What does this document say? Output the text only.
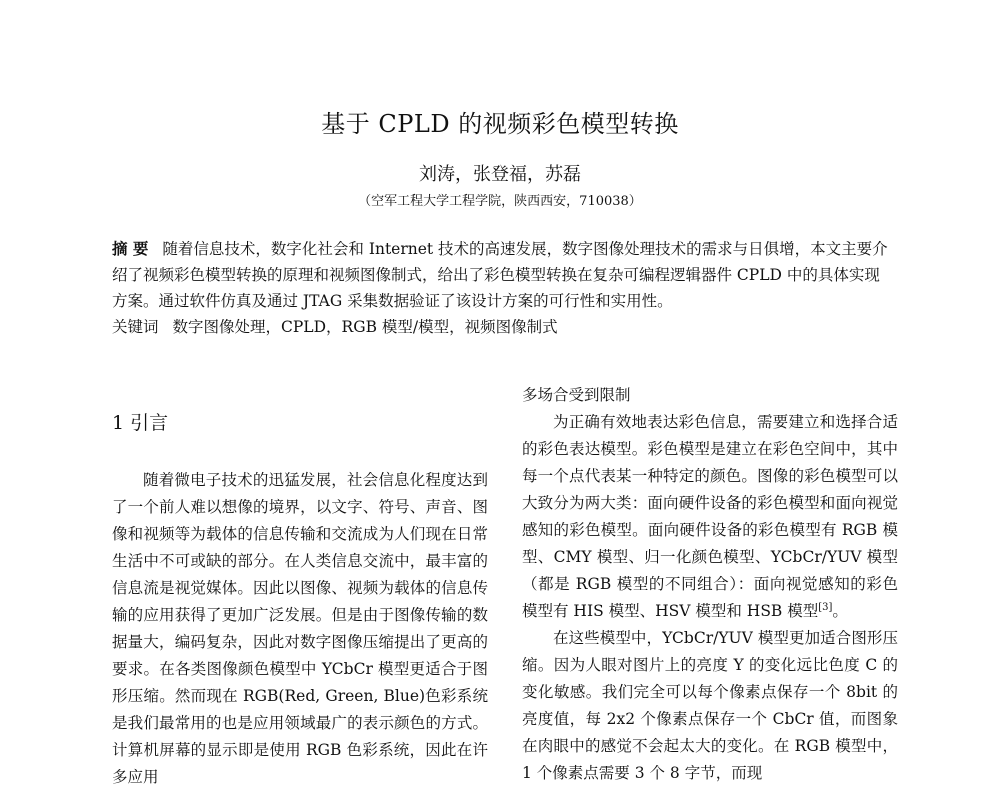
基于 CPLD 的视频彩色模型转换
刘涛，张登福，苏磊
（空军工程大学工程学院，陕西西安，710038）

摘 要 随着信息技术，数字化社会和 Internet 技术的高速发展，数字图像处理技术的需求与日俱增，本文主要介绍了视频彩色模型转换的原理和视频图像制式，给出了彩色模型转换在复杂可编程逻辑器件 CPLD 中的具体实现方案。通过软件仿真及通过 JTAG 采集数据验证了该设计方案的可行性和实用性。

关键词 数字图像处理，CPLD，RGB 模型/模型，视频图像制式

1 引言

随着微电子技术的迅猛发展，社会信息化程度达到了一个前人难以想像的境界，以文字、符号、声音、图像和视频等为载体的信息传输和交流成为人们现在日常生活中不可或缺的部分。在人类信息交流中，最丰富的信息流是视觉媒体。因此以图像、视频为载体的信息传输的应用获得了更加广泛发展。但是由于图像传输的数据量大，编码复杂，因此对数字图像压缩提出了更高的要求。在各类图像颜色模型中 YCbCr 模型更适合于图形压缩。然而现在 RGB(Red, Green, Blue)色彩系统是我们最常用的也是应用领域最广的表示颜色的方式。计算机屏幕的显示即是使用 RGB 色彩系统，因此在许多应用

多场合受到限制

为正确有效地表达彩色信息，需要建立和选择合适的彩色表达模型。彩色模型是建立在彩色空间中，其中每一个点代表某一种特定的颜色。图像的彩色模型可以大致分为两大类：面向硬件设备的彩色模型和面向视觉感知的彩色模型。面向硬件设备的彩色模型有 RGB 模型、CMY 模型、归一化颜色模型、YCbCr/YUV 模型（都是 RGB 模型的不同组合）：面向视觉感知的彩色模型有 HIS 模型、HSV 模型和 HSB 模型[3]。

在这些模型中，YCbCr/YUV 模型更加适合图形压缩。因为人眼对图片上的亮度 Y 的变化远比色度 C 的变化敏感。我们完全可以每个像素点保存一个 8bit 的亮度值，每 2x2 个像素点保存一个 CbCr 值，而图象在肉眼中的感觉不会起太大的变化。在 RGB 模型中，1 个像素点需要 3 个 8 字节，而现
